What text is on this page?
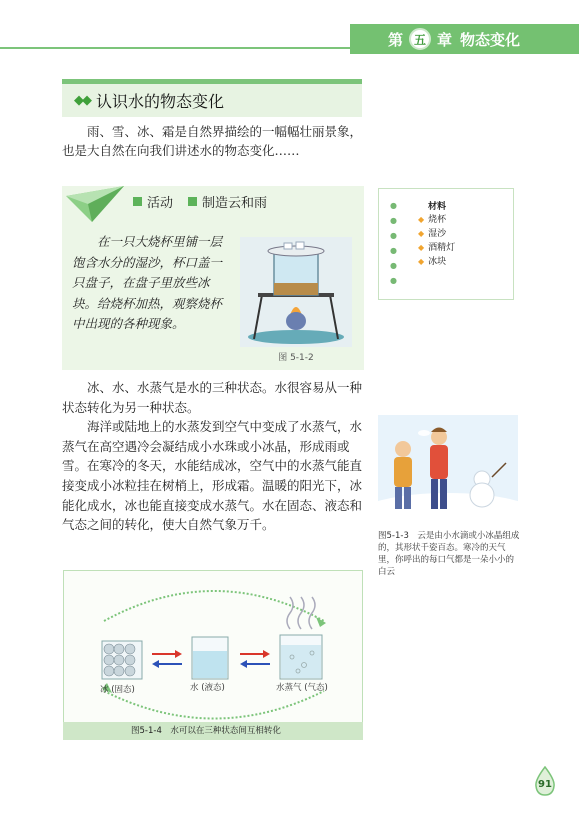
第 五 章 物态变化
◆◆ 认识水的物态变化

雨、雪、冰、霜是自然界描绘的一幅幅壮丽景象，也是大自然在向我们讲述水的物态变化……

活动 制造云和雨

在一只大烧杯里铺一层饱含水分的湿沙，杯口盖一只盘子，在盘子里放些冰块。给烧杯加热，观察烧杯中出现的各种现象。

图 5-1-2
●
●
●
●
●
●
材料
◆ 烧杯
◆ 湿沙
◆ 酒精灯
◆ 冰块

冰、水、水蒸气是水的三种状态。水很容易从一种状态转化为另一种状态。

海洋或陆地上的水蒸发到空气中变成了水蒸气，水蒸气在高空遇冷会凝结成小水珠或小冰晶，形成雨或雪。在寒冷的冬天，水能结成冰，空气中的水蒸气能直接变成小冰粒挂在树梢上，形成霜。温暖的阳光下，冰能化成水，冰也能直接变成水蒸气。水在固态、液态和气态之间的转化，使大自然气象万千。

图5-1-3　云是由小水滴或小冰晶组成的，其形状千姿百态。寒冷的天气里，你呼出的每口气都是一朵小小的白云

冰 (固态)	水 (液态)	水蒸气 (气态)
图5-1-4　水可以在三种状态间互相转化
91
